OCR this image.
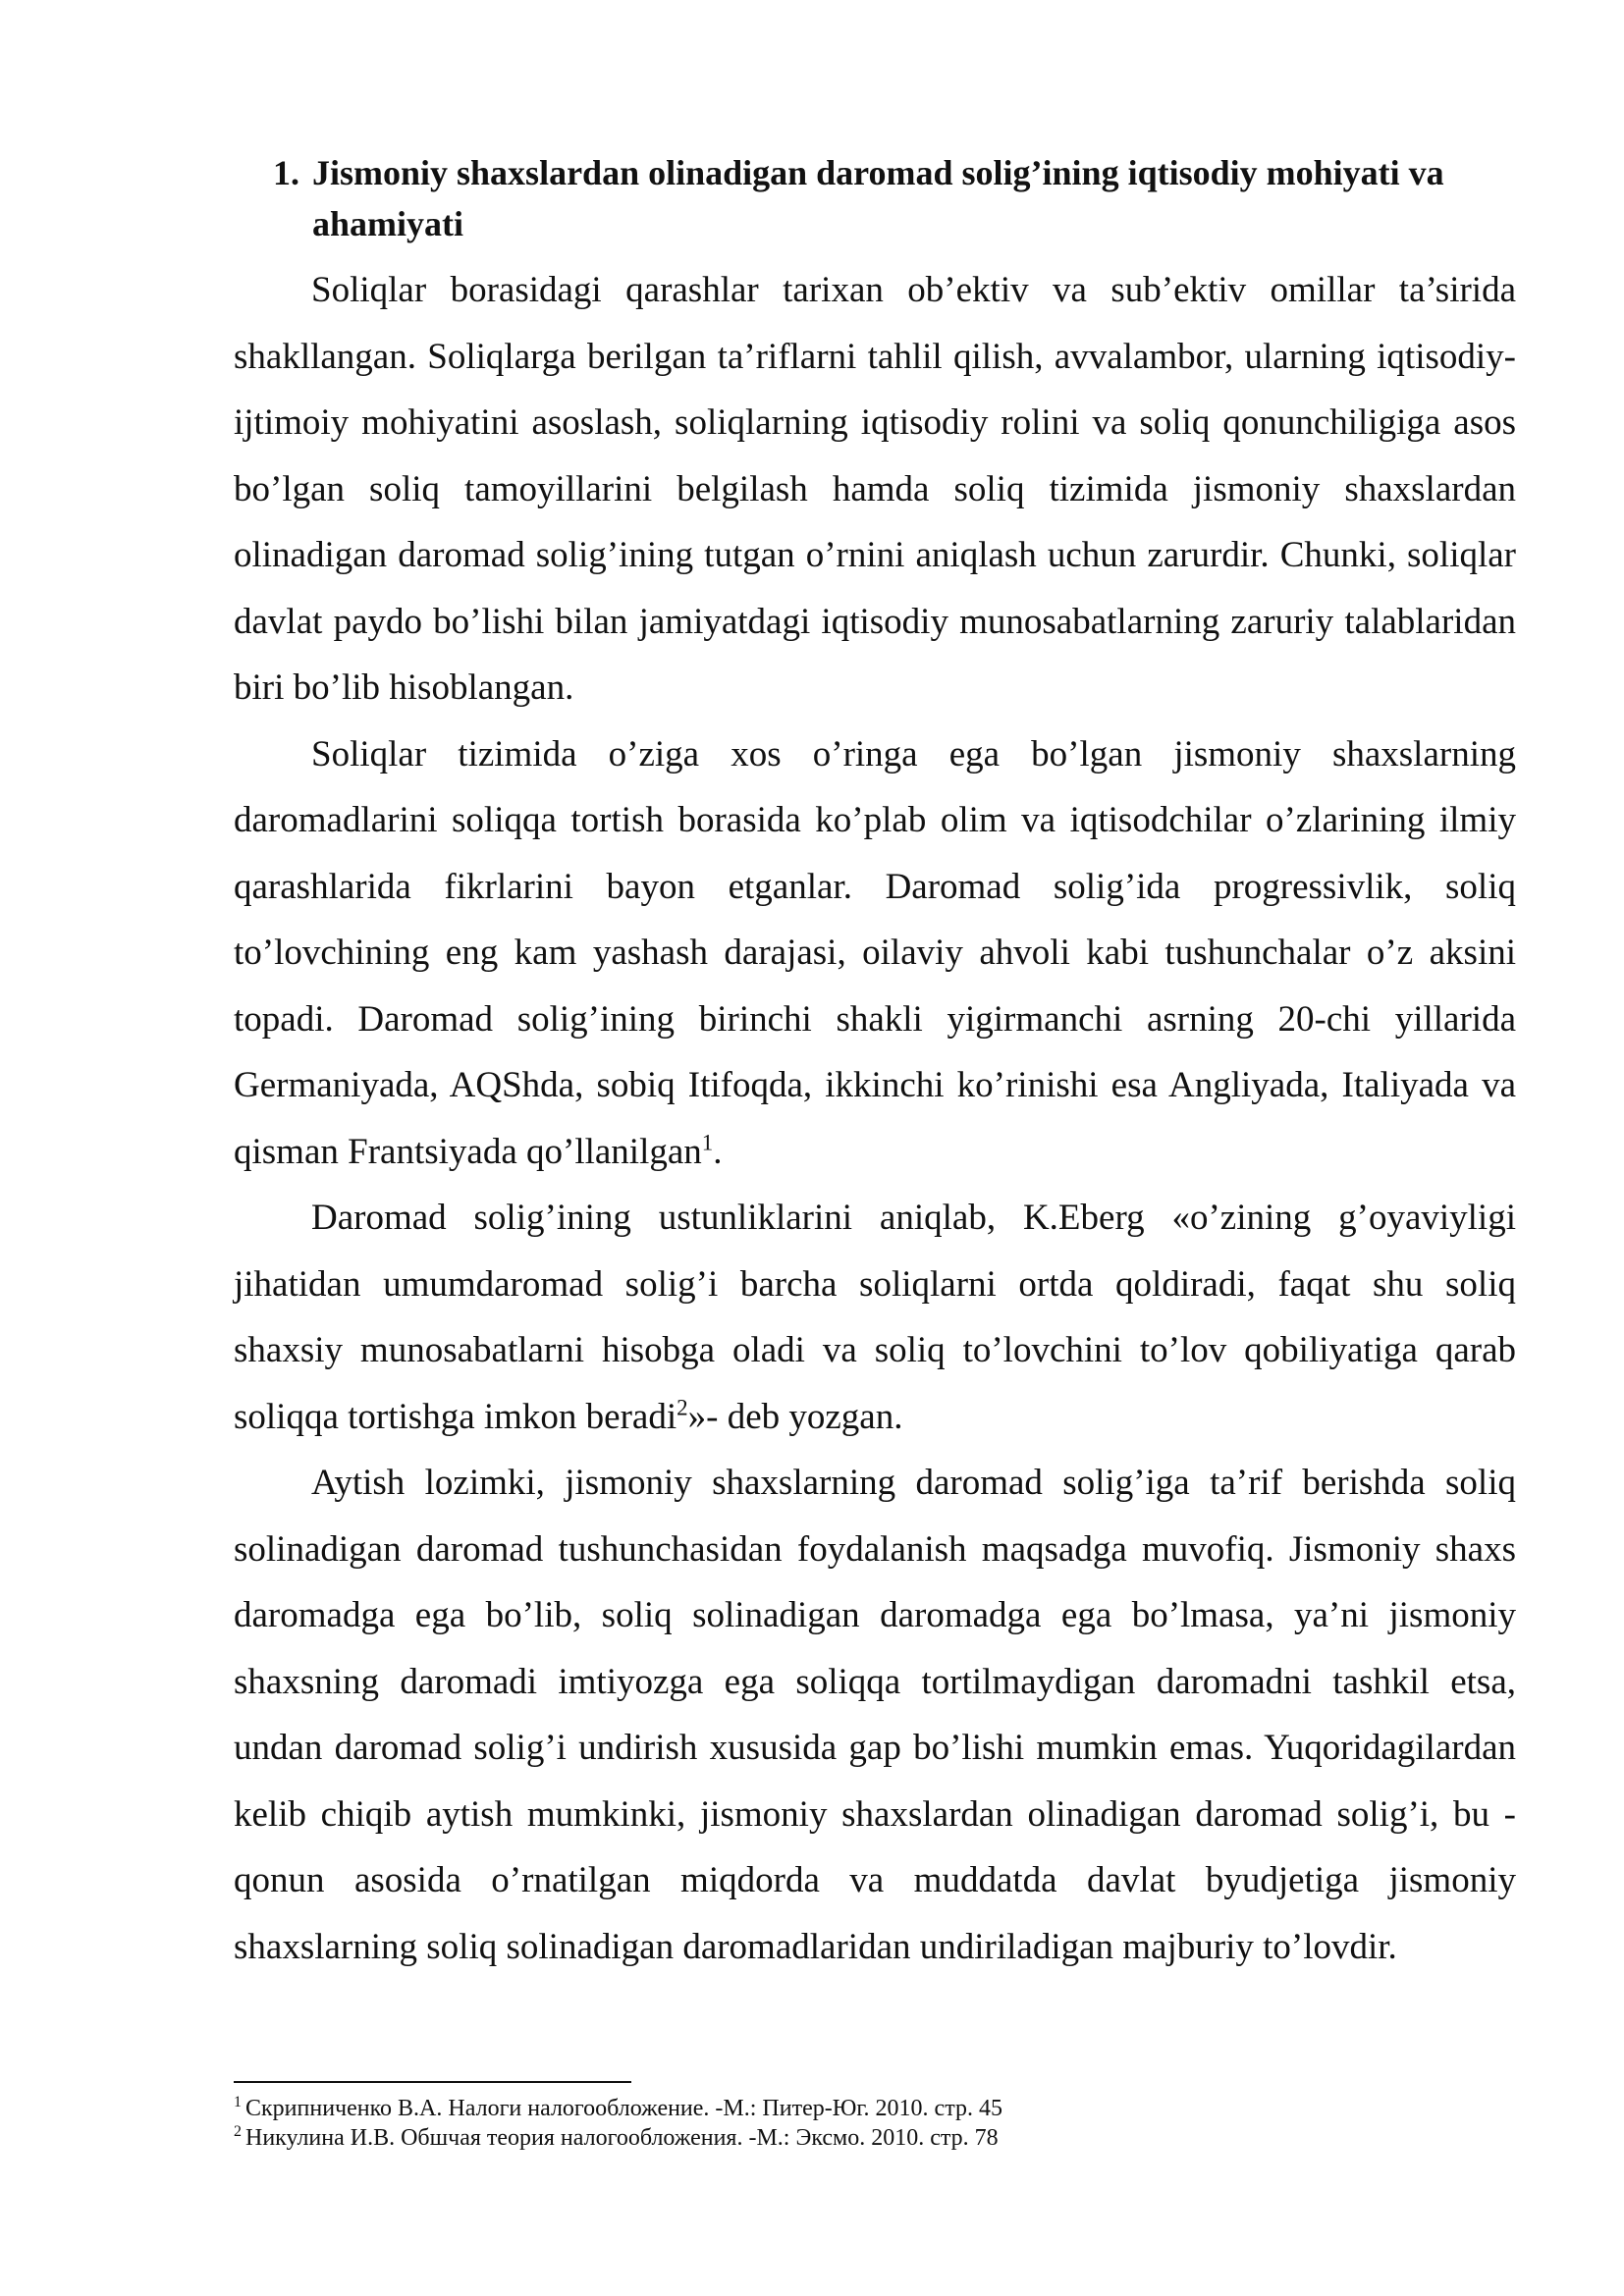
1. Jismoniy shaxslardan olinadigan daromad solig’ining iqtisodiy mohiyati va ahamiyati

Soliqlar borasidagi qarashlar tarixan ob’ektiv va sub’ektiv omillar ta’sirida shakllangan. Soliqlarga berilgan ta’riflarni tahlil qilish, avvalambor, ularning iqtisodiy-ijtimoiy mohiyatini asoslash, soliqlarning iqtisodiy rolini va soliq qonunchiligiga asos bo’lgan soliq tamoyillarini belgilash hamda soliq tizimida jismoniy shaxslardan olinadigan daromad solig’ining tutgan o’rnini aniqlash uchun zarurdir. Chunki, soliqlar davlat paydo bo’lishi bilan jamiyatdagi iqtisodiy munosabatlarning zaruriy talablaridan biri bo’lib hisoblangan.

Soliqlar tizimida o’ziga xos o’ringa ega bo’lgan jismoniy shaxslarning daromadlarini soliqqa tortish borasida ko’plab olim va iqtisodchilar o’zlarining ilmiy qarashlarida fikrlarini bayon etganlar. Daromad solig’ida progressivlik, soliq to’lovchining eng kam yashash darajasi, oilaviy ahvoli kabi tushunchalar o’z aksini topadi. Daromad solig’ining birinchi shakli yigirmanchi asrning 20-chi yillarida Germaniyada, AQShda, sobiq Itifoqda, ikkinchi ko’rinishi esa Angliyada, Italiyada va qisman Frantsiyada qo’llanilgan$^1$.

Daromad solig’ining ustunliklarini aniqlab, K.Eberg «o’zining g’oyaviyligi jihatidan umumdaromad solig’i barcha soliqlarni ortda qoldiradi, faqat shu soliq shaxsiy munosabatlarni hisobga oladi va soliq to’lovchini to’lov qobiliyatiga qarab soliqqa tortishga imkon beradi$^2$»- deb yozgan.

Aytish lozimki, jismoniy shaxslarning daromad solig’iga ta’rif berishda soliq solinadigan daromad tushunchasidan foydalanish maqsadga muvofiq. Jismoniy shaxs daromadga ega bo’lib, soliq solinadigan daromadga ega bo’lmasa, ya’ni jismoniy shaxsning daromadi imtiyozga ega soliqqa tortilmaydigan daromadni tashkil etsa, undan daromad solig’i undirish xususida gap bo’lishi mumkin emas. Yuqoridagilardan kelib chiqib aytish mumkinki, jismoniy shaxslardan olinadigan daromad solig’i, bu - qonun asosida o’rnatilgan miqdorda va muddatda davlat byudjetiga jismoniy shaxslarning soliq solinadigan daromadlaridan undiriladigan majburiy to’lovdir.

$^1$ Скрипниченко В.А. Налоги налогообложение. -М.: Питер-Юг. 2010. стр. 45
$^2$ Никулина И.В. Обшчая теория налогообложения. -М.: Эксмо. 2010. стр. 78
